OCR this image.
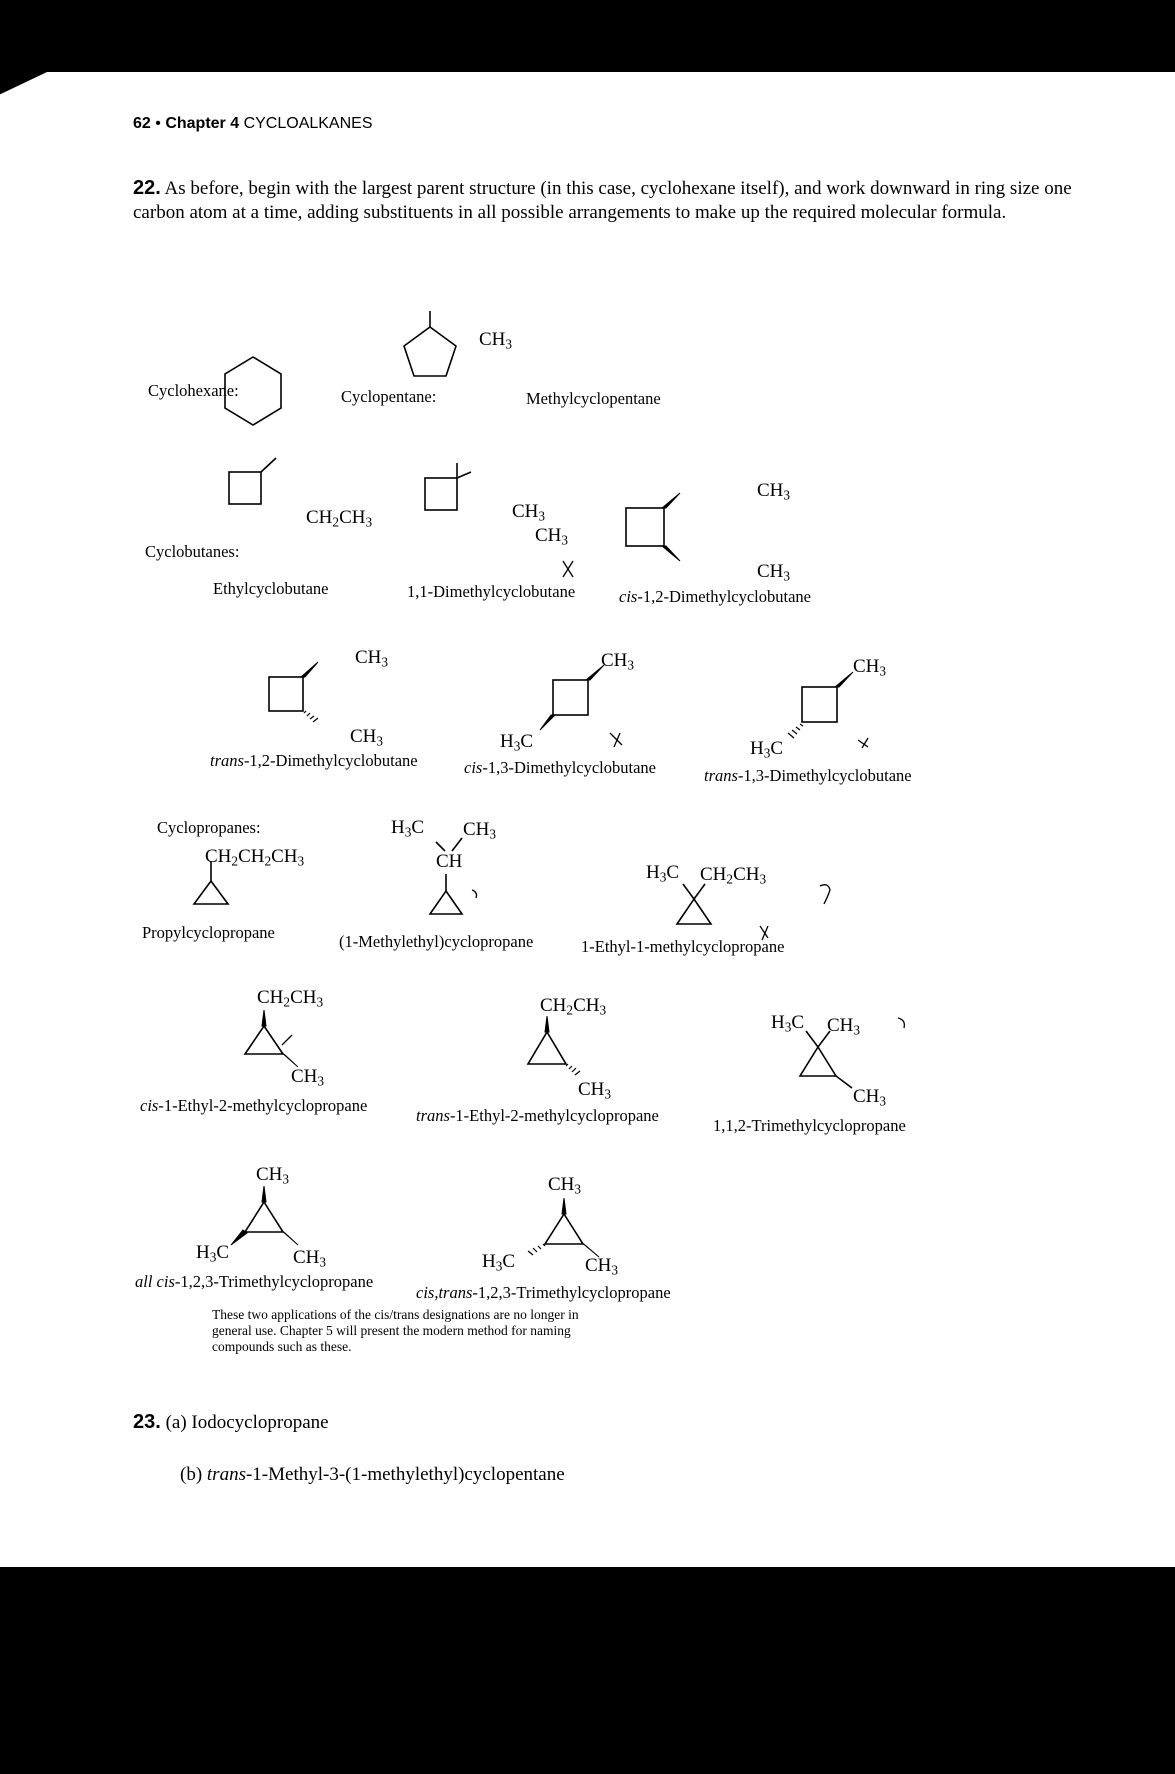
62 • Chapter 4 CYCLOALKANES
22. As before, begin with the largest parent structure (in this case, cyclohexane itself), and work downward in ring size one carbon atom at a time, adding substituents in all possible arrangements to make up the required molecular formula.
Cyclohexane:	Cyclopentane:
$CH_3$
Methylcyclopentane
Cyclobutanes:
$CH_2CH_3$
Ethylcyclobutane
$CH_3$
$CH_3$
1,1-Dimethylcyclobutane
$CH_3$
$CH_3$
cis-1,2-Dimethylcyclobutane
$CH_3$
$CH_3$
trans-1,2-Dimethylcyclobutane
$CH_3$
$H_3C$
cis-1,3-Dimethylcyclobutane
$CH_3$
$H_3C$
trans-1,3-Dimethylcyclobutane
Cyclopropanes:
$CH_2CH_2CH_3$
Propylcyclopropane
$H_3C$ $CH_3$
CH
(1-Methylethyl)cyclopropane
$H_3C$ $CH_2CH_3$
1-Ethyl-1-methylcyclopropane
$CH_2CH_3$
$CH_3$
cis-1-Ethyl-2-methylcyclopropane
$CH_2CH_3$
$CH_3$
trans-1-Ethyl-2-methylcyclopropane
$H_3C$ $CH_3$
$CH_3$
1,1,2-Trimethylcyclopropane
$CH_3$
$H_3C$	$CH_3$
all cis-1,2,3-Trimethylcyclopropane
$CH_3$
$H_3C$	$CH_3$
cis,trans-1,2,3-Trimethylcyclopropane
These two applications of the cis/trans designations are no longer in general use. Chapter 5 will present the modern method for naming compounds such as these.
23. (a) Iodocyclopropane
(b) trans-1-Methyl-3-(1-methylethyl)cyclopentane
